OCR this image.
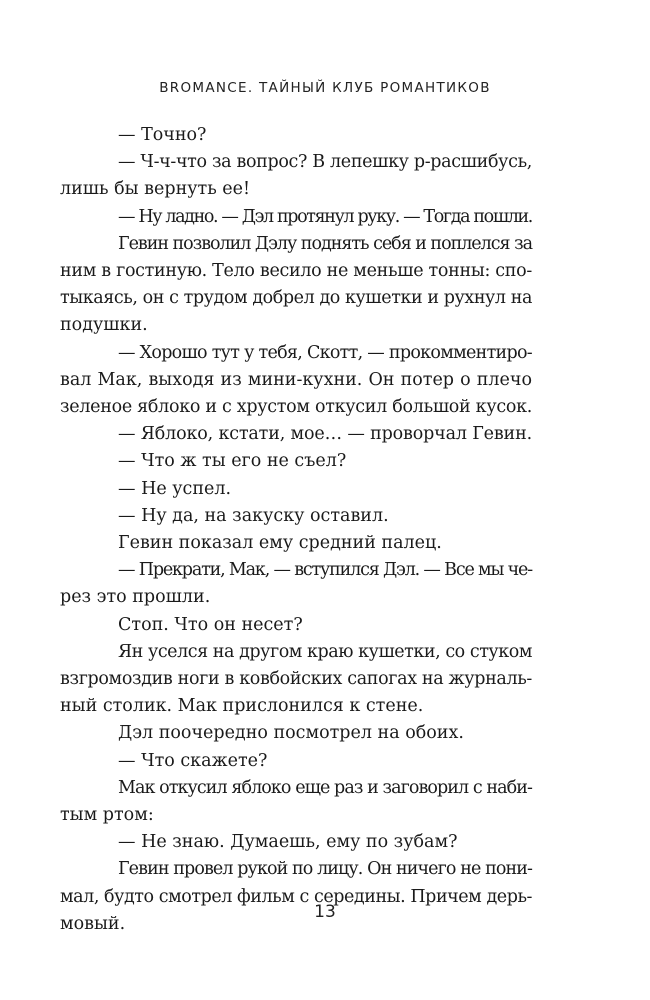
BROMANCE. ТАЙНЫЙ КЛУБ РОМАНТИКОВ

— Точно?

— Ч-ч-что за вопрос? В лепешку р-расшибусь,
лишь бы вернуть ее!

— Ну ладно. — Дэл протянул руку. — Тогда пошли.

Гевин позволил Дэлу поднять себя и поплелся за
ним в гостиную. Тело весило не меньше тонны: спо-
тыкаясь, он с трудом добрел до кушетки и рухнул на
подушки.

— Хорошо тут у тебя, Скотт, — прокомментиро-
вал Мак, выходя из мини-кухни. Он потер о плечо
зеленое яблоко и с хрустом откусил большой кусок.

— Яблоко, кстати, мое… — проворчал Гевин.

— Что ж ты его не съел?

— Не успел.

— Ну да, на закуску оставил.

Гевин показал ему средний палец.

— Прекрати, Мак, — вступился Дэл. — Все мы че-
рез это прошли.

Стоп. Что он несет?

Ян уселся на другом краю кушетки, со стуком
взгромоздив ноги в ковбойских сапогах на журналь-
ный столик. Мак прислонился к стене.

Дэл поочередно посмотрел на обоих.

— Что скажете?

Мак откусил яблоко еще раз и заговорил с наби-
тым ртом:

— Не знаю. Думаешь, ему по зубам?

Гевин провел рукой по лицу. Он ничего не пони-
мал, будто смотрел фильм с середины. Причем дерь-
мовый.

13
